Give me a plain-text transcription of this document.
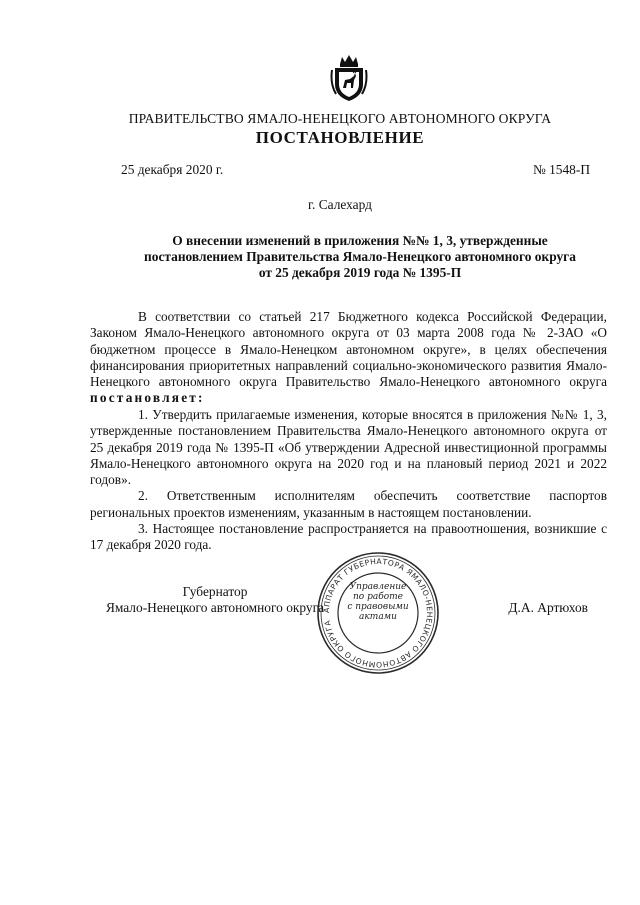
ПРАВИТЕЛЬСТВО ЯМАЛО-НЕНЕЦКОГО АВТОНОМНОГО ОКРУГА
ПОСТАНОВЛЕНИЕ
25 декабря 2020 г.	№ 1548-П
г. Салехард
О внесении изменений в приложения №№ 1, 3, утвержденные
постановлением Правительства Ямало-Ненецкого автономного округа
от 25 декабря 2019 года № 1395-П

В соответствии со статьей 217 Бюджетного кодекса Российской Федерации, Законом Ямало-Ненецкого автономного округа от 03 марта 2008 года № 2-ЗАО «О бюджетном процессе в Ямало-Ненецком автономном округе», в целях обеспечения финансирования приоритетных направлений социально-экономического развития Ямало-Ненецкого автономного округа Правительство Ямало-Ненецкого автономного округа постановляет:

1. Утвердить прилагаемые изменения, которые вносятся в приложения №№ 1, 3, утвержденные постановлением Правительства Ямало-Ненецкого автономного округа от 25 декабря 2019 года № 1395-П «Об утверждении Адресной инвестиционной программы Ямало-Ненецкого автономного округа на 2020 год и на плановый период 2021 и 2022 годов».

2. Ответственным исполнителям обеспечить соответствие паспортов региональных проектов изменениям, указанным в настоящем постановлении.

3. Настоящее постановление распространяется на правоотношения, возникшие с 17 декабря 2020 года.

Губернатор
Ямало-Ненецкого автономного округа	Д.А. Артюхов
АППАРАТ ГУБЕРНАТОРА ЯМАЛО-НЕНЕЦКОГО АВТОНОМНОГО ОКРУГА
Управление
по работе
с правовыми
актами
